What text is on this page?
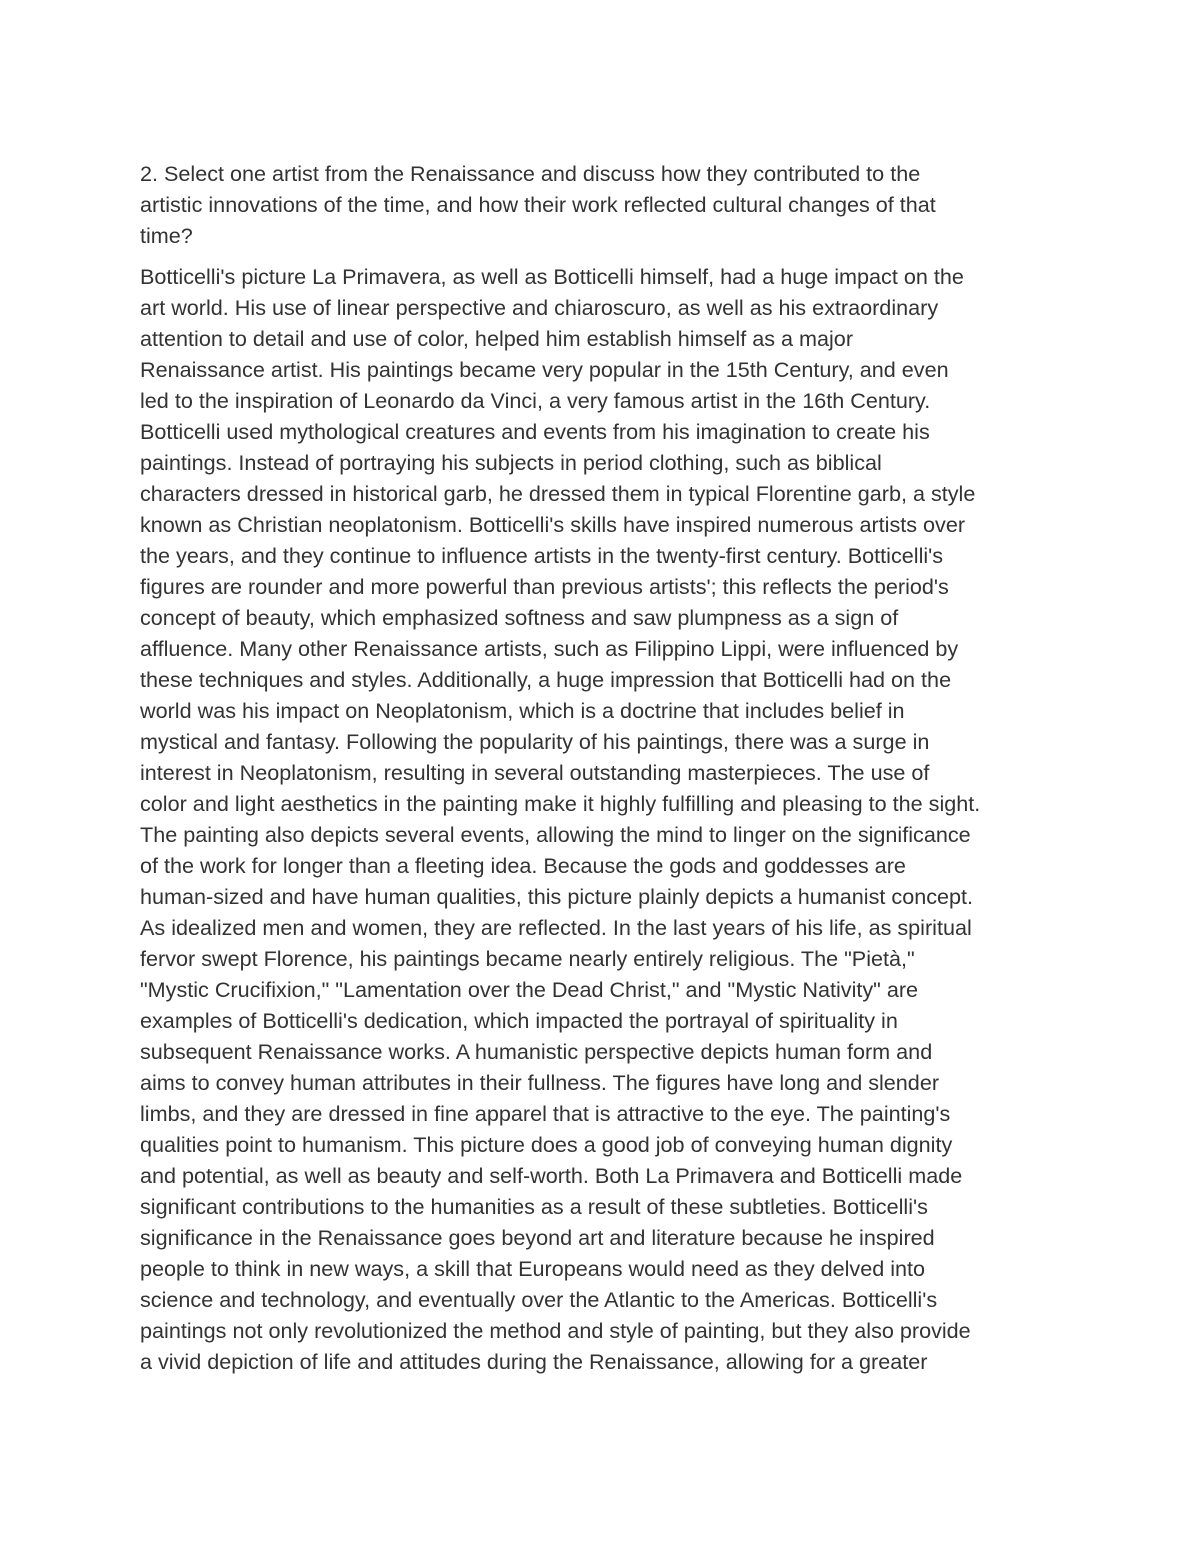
2. Select one artist from the Renaissance and discuss how they contributed to the
artistic innovations of the time, and how their work reflected cultural changes of that
time?

Botticelli's picture La Primavera, as well as Botticelli himself, had a huge impact on the
art world. His use of linear perspective and chiaroscuro, as well as his extraordinary
attention to detail and use of color, helped him establish himself as a major
Renaissance artist. His paintings became very popular in the 15th Century, and even
led to the inspiration of Leonardo da Vinci, a very famous artist in the 16th Century.
Botticelli used mythological creatures and events from his imagination to create his
paintings. Instead of portraying his subjects in period clothing, such as biblical
characters dressed in historical garb, he dressed them in typical Florentine garb, a style
known as Christian neoplatonism. Botticelli's skills have inspired numerous artists over
the years, and they continue to influence artists in the twenty-first century. Botticelli's
figures are rounder and more powerful than previous artists'; this reflects the period's
concept of beauty, which emphasized softness and saw plumpness as a sign of
affluence. Many other Renaissance artists, such as Filippino Lippi, were influenced by
these techniques and styles. Additionally, a huge impression that Botticelli had on the
world was his impact on Neoplatonism, which is a doctrine that includes belief in
mystical and fantasy. Following the popularity of his paintings, there was a surge in
interest in Neoplatonism, resulting in several outstanding masterpieces. The use of
color and light aesthetics in the painting make it highly fulfilling and pleasing to the sight.
The painting also depicts several events, allowing the mind to linger on the significance
of the work for longer than a fleeting idea. Because the gods and goddesses are
human-sized and have human qualities, this picture plainly depicts a humanist concept.
As idealized men and women, they are reflected. In the last years of his life, as spiritual
fervor swept Florence, his paintings became nearly entirely religious. The "Pietà,"
"Mystic Crucifixion," "Lamentation over the Dead Christ," and "Mystic Nativity" are
examples of Botticelli's dedication, which impacted the portrayal of spirituality in
subsequent Renaissance works. A humanistic perspective depicts human form and
aims to convey human attributes in their fullness. The figures have long and slender
limbs, and they are dressed in fine apparel that is attractive to the eye. The painting's
qualities point to humanism. This picture does a good job of conveying human dignity
and potential, as well as beauty and self-worth. Both La Primavera and Botticelli made
significant contributions to the humanities as a result of these subtleties. Botticelli's
significance in the Renaissance goes beyond art and literature because he inspired
people to think in new ways, a skill that Europeans would need as they delved into
science and technology, and eventually over the Atlantic to the Americas. Botticelli's
paintings not only revolutionized the method and style of painting, but they also provide
a vivid depiction of life and attitudes during the Renaissance, allowing for a greater
